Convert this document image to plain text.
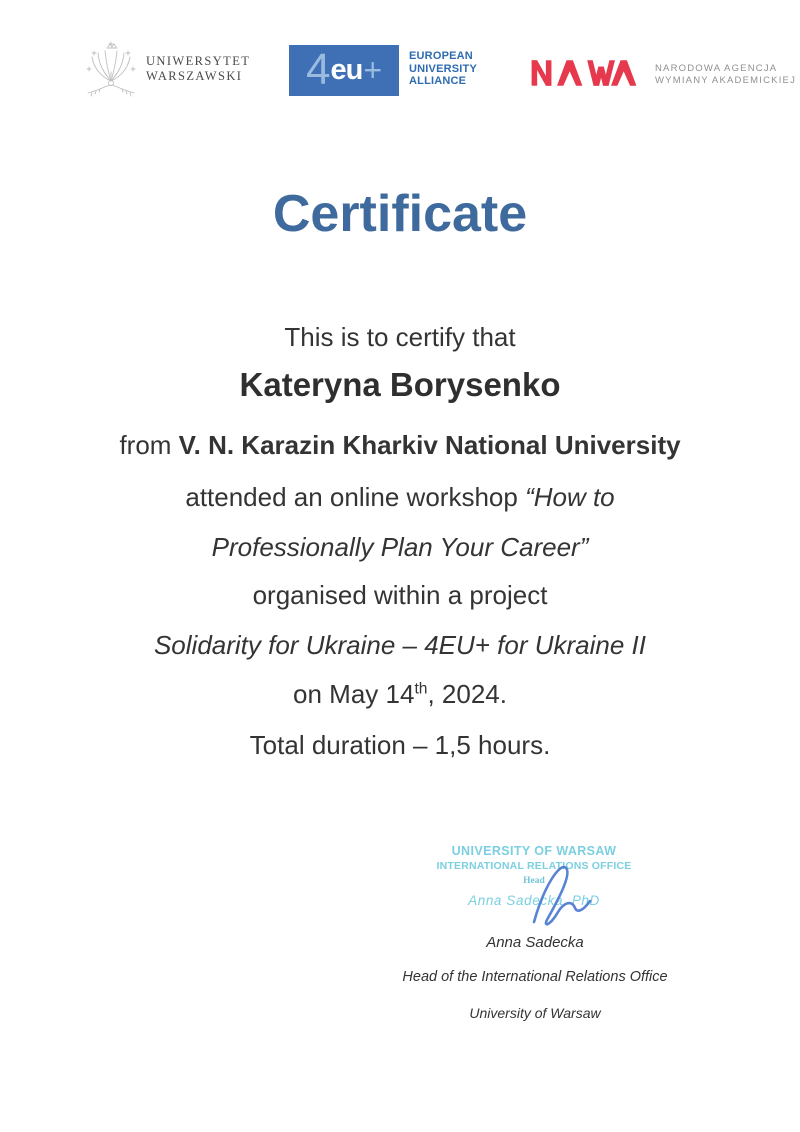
UNIWERSYTET
WARSZAWSKI 4 eu + EUROPEAN
UNIVERSITY
ALLIANCE
NARODOWA AGENCJA
WYMIANY AKADEMICKIEJ
Certificate

This is to certify that

Kateryna Borysenko

from V. N. Karazin Kharkiv National University

attended an online workshop “How to

Professionally Plan Your Career”

organised within a project

Solidarity for Ukraine – 4EU+ for Ukraine II

on May 14th, 2024.

Total duration – 1,5 hours.

UNIVERSITY OF WARSAW
INTERNATIONAL RELATIONS OFFICE
Head
Anna Sadecka, PhD

Anna Sadecka

Head of the International Relations Office

University of Warsaw
